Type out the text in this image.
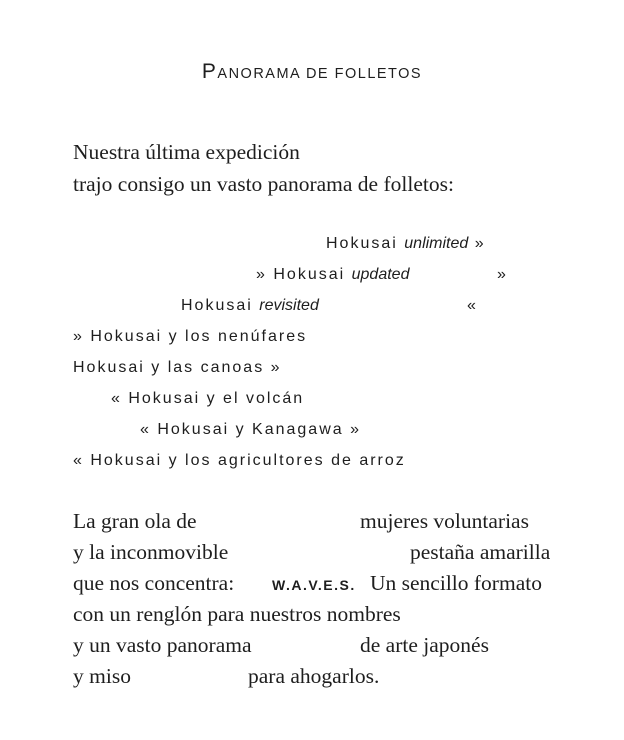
PANORAMA DE FOLLETOS
Nuestra última expedición
trajo consigo un vasto panorama de folletos:
Hokusai unlimited »
» Hokusai updated	»
Hokusai revisited	«
» Hokusai y los nenúfares
Hokusai y las canoas »
« Hokusai y el volcán
« Hokusai y Kanagawa »
« Hokusai y los agricultores de arroz
La gran ola de	mujeres voluntarias
y la inconmovible	pestaña amarilla
que nos concentra:	W.A.V.E.S. Un sencillo formato
con un renglón para nuestros nombres
y un vasto panorama	de arte japonés
y miso	para ahogarlos.
